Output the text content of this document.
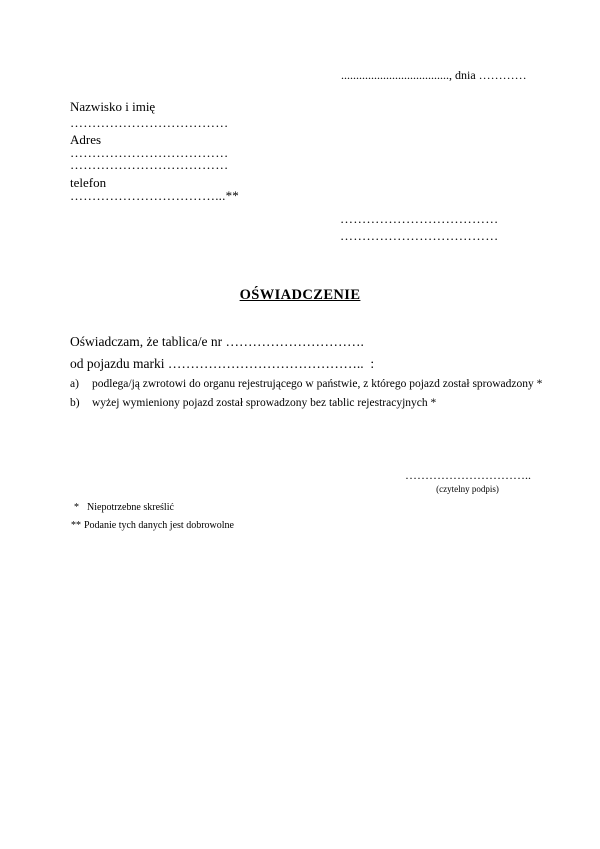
...................................., dnia …………
Nazwisko i imię
………………………………
Adres
………………………………
………………………………
telefon
……………………………...**
………………………………
………………………………
OŚWIADCZENIE
Oświadczam, że tablica/e nr ………………………….
od pojazdu marki ……………………………………..  :
a) podlega/ją zwrotowi do organu rejestrującego w państwie, z którego pojazd został sprowadzony *
b) wyżej wymieniony pojazd został sprowadzony bez tablic rejestracyjnych *
…………………………..
(czytelny podpis)
* Niepotrzebne skreślić
** Podanie tych danych jest dobrowolne
